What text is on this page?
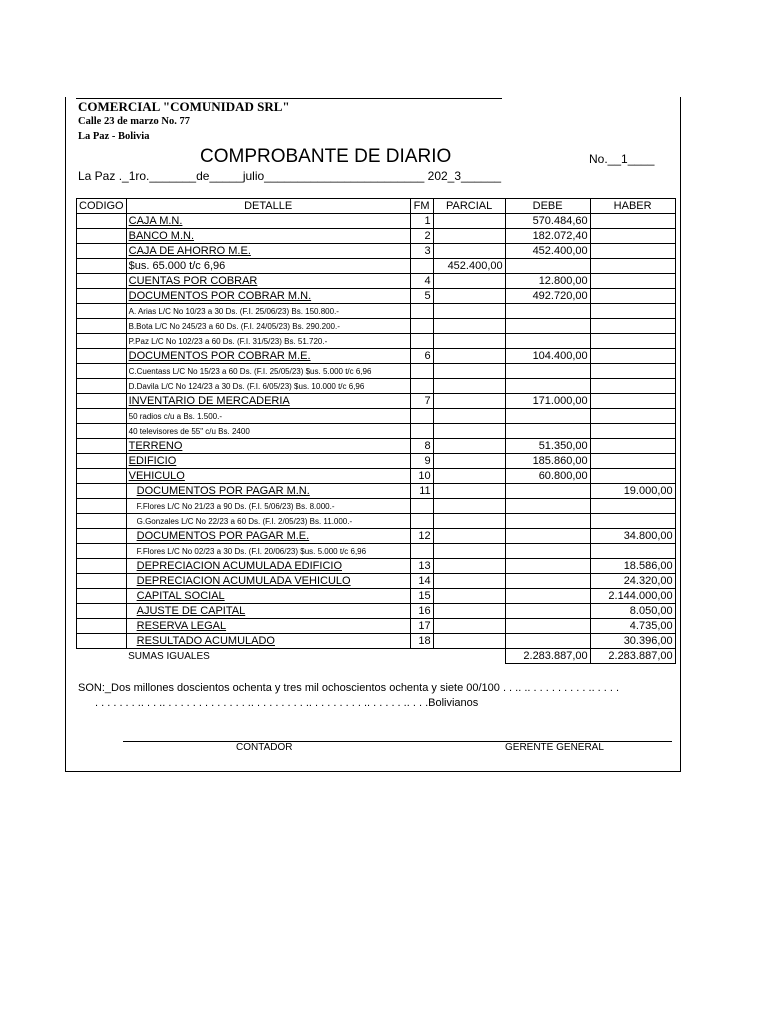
COMERCIAL "COMUNIDAD SRL"
Calle 23 de marzo No. 77
La Paz - Bolivia
COMPROBANTE DE DIARIO	No.__1____
La Paz ._1ro._______de_____julio________________________ 202_3______
CODIGO	DETALLE	FM	PARCIAL	DEBE	HABER
	CAJA M.N.	1		570.484,60	
	BANCO M.N.	2		182.072,40	
	CAJA DE AHORRO M.E.	3		452.400,00	
	$us. 65.000 t/c 6,96		452.400,00		
	CUENTAS POR COBRAR	4		12.800,00	
	DOCUMENTOS POR COBRAR M.N.	5		492.720,00	
	A. Arias L/C No 10/23 a 30 Ds. (F.I. 25/06/23) Bs. 150.800.-				
	B.Bota L/C No 245/23 a 60 Ds. (F.I. 24/05/23) Bs. 290.200.-				
	P.Paz L/C No 102/23 a 60 Ds. (F.I. 31/5/23) Bs. 51.720.-				
	DOCUMENTOS POR COBRAR M.E.	6		104.400,00	
	C.Cuentass L/C No 15/23 a 60 Ds. (F.I. 25/05/23) $us. 5.000 t/c 6,96				
	D.Davila L/C No 124/23 a 30 Ds. (F.I. 6/05/23) $us. 10.000 t/c 6,96				
	INVENTARIO DE MERCADERIA	7		171.000,00	
	50 radios c/u a Bs. 1.500.-				
	40 televisores de 55" c/u Bs. 2400				
	TERRENO	8		51.350,00	
	EDIFICIO	9		185.860,00	
	VEHICULO	10		60.800,00	
	DOCUMENTOS POR PAGAR M.N.	11			19.000,00
	F.Flores L/C No 21/23 a 90 Ds. (F.I. 5/06/23) Bs. 8.000.-				
	G.Gonzales L/C No 22/23 a 60 Ds. (F.I. 2/05/23) Bs. 11.000.-				
	DOCUMENTOS POR PAGAR M.E.	12			34.800,00
	F.Flores L/C No 02/23 a 30 Ds. (F.I. 20/06/23) $us. 5.000 t/c 6,96				
	DEPRECIACION ACUMULADA EDIFICIO	13			18.586,00
	DEPRECIACION ACUMULADA VEHICULO	14			24.320,00
	CAPITAL SOCIAL	15			2.144.000,00
	AJUSTE DE CAPITAL	16			8.050,00
	RESERVA LEGAL	17			4.735,00
	RESULTADO ACUMULADO	18			30.396,00
	SUMAS IGUALES			2.283.887,00	2.283.887,00
SON:_Dos millones doscientos ochenta y tres mil ochoscientos ochenta y siete 00/100 . . .. .. . . . . . . . . . .. . . . .
. . . . . . . .. . . .. . . . . . . . . . . . . . .. . . . . . . . . .. . . . . . . . . .. . . . . . .. . . .Bolivianos
CONTADOR	GERENTE GENERAL
